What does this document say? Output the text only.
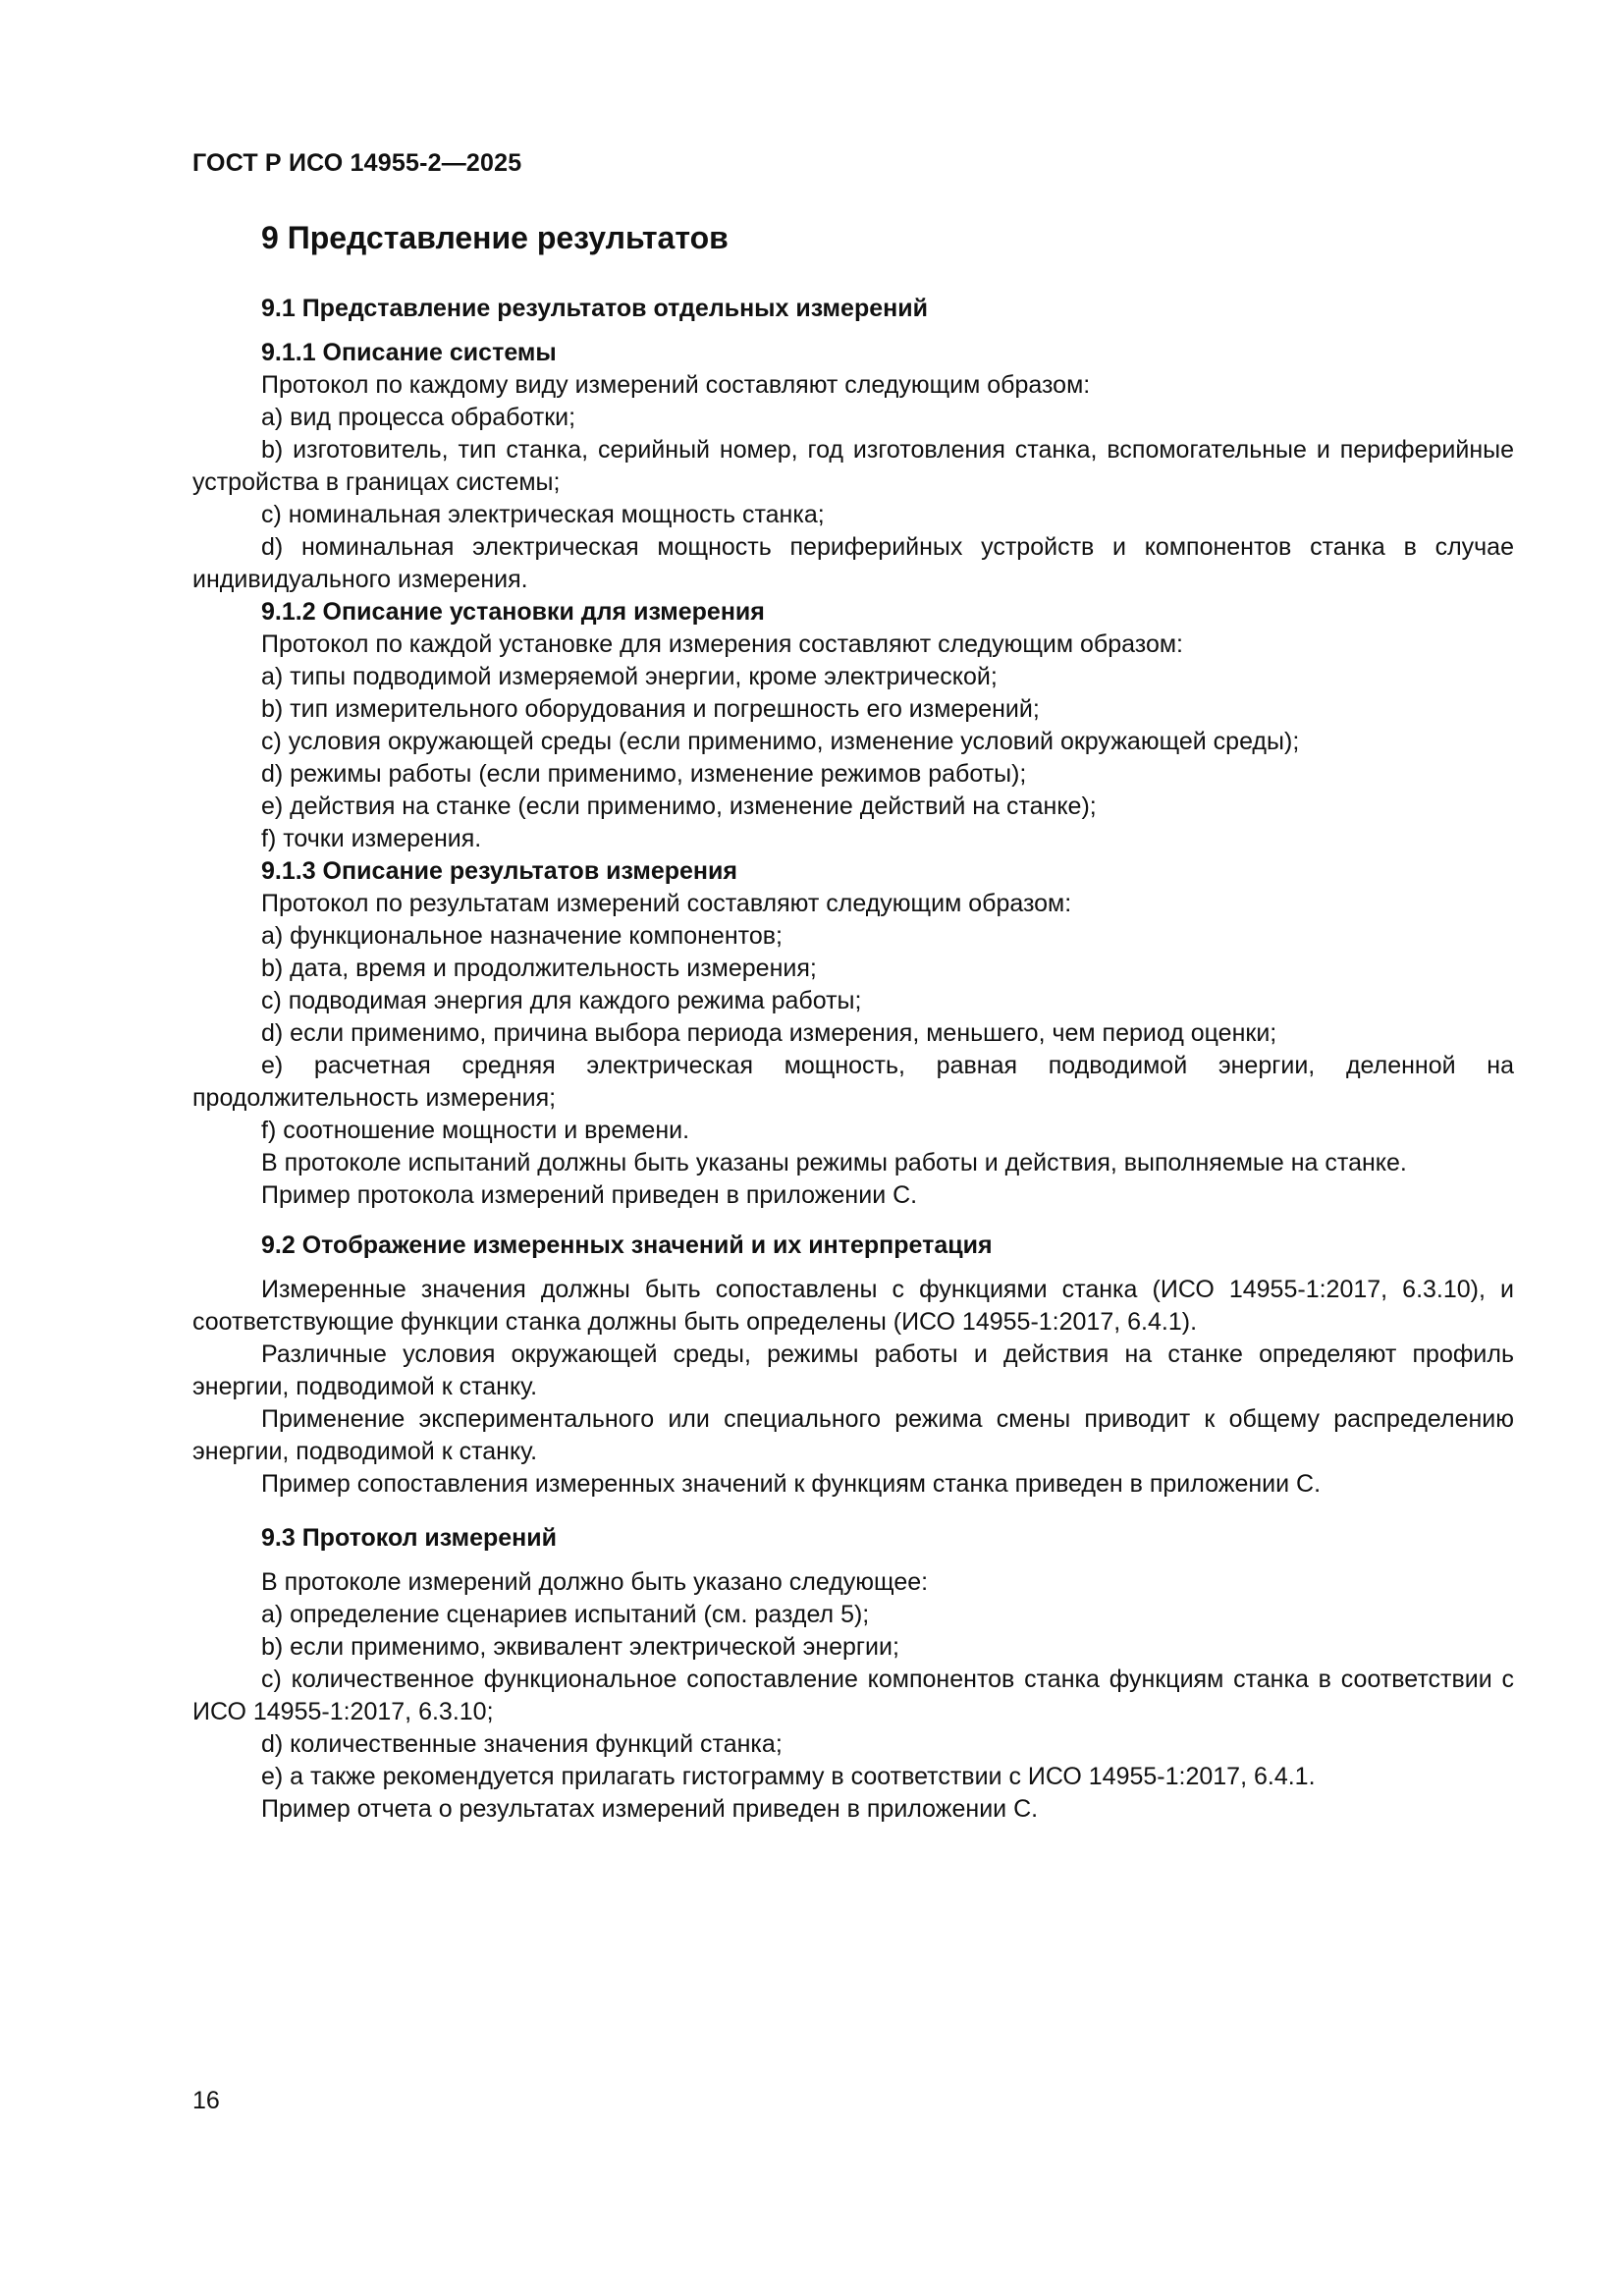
ГОСТ Р ИСО 14955-2—2025
9 Представление результатов
9.1 Представление результатов отдельных измерений
9.1.1 Описание системы

Протокол по каждому виду измерений составляют следующим образом:

а) вид процесса обработки;

b) изготовитель, тип станка, серийный номер, год изготовления станка, вспомогательные и периферийные устройства в границах системы;

c) номинальная электрическая мощность станка;

d) номинальная электрическая мощность периферийных устройств и компонентов станка в случае индивидуального измерения.

9.1.2 Описание установки для измерения

Протокол по каждой установке для измерения составляют следующим образом:

а) типы подводимой измеряемой энергии, кроме электрической;

b) тип измерительного оборудования и погрешность его измерений;

c) условия окружающей среды (если применимо, изменение условий окружающей среды);

d) режимы работы (если применимо, изменение режимов работы);

e) действия на станке (если применимо, изменение действий на станке);

f) точки измерения.

9.1.3 Описание результатов измерения

Протокол по результатам измерений составляют следующим образом:

а) функциональное назначение компонентов;

b) дата, время и продолжительность измерения;

c) подводимая энергия для каждого режима работы;

d) если применимо, причина выбора периода измерения, меньшего, чем период оценки;

e) расчетная средняя электрическая мощность, равная подводимой энергии, деленной на продолжительность измерения;

f) соотношение мощности и времени.

В протоколе испытаний должны быть указаны режимы работы и действия, выполняемые на станке.

Пример протокола измерений приведен в приложении С.

9.2 Отображение измеренных значений и их интерпретация

Измеренные значения должны быть сопоставлены с функциями станка (ИСО 14955-1:2017, 6.3.10), и соответствующие функции станка должны быть определены (ИСО 14955-1:2017, 6.4.1).

Различные условия окружающей среды, режимы работы и действия на станке определяют профиль энергии, подводимой к станку.

Применение экспериментального или специального режима смены приводит к общему распределению энергии, подводимой к станку.

Пример сопоставления измеренных значений к функциям станка приведен в приложении С.

9.3 Протокол измерений

В протоколе измерений должно быть указано следующее:

а) определение сценариев испытаний (см. раздел 5);

b) если применимо, эквивалент электрической энергии;

c) количественное функциональное сопоставление компонентов станка функциям станка в соответствии с ИСО 14955-1:2017, 6.3.10;

d) количественные значения функций станка;

e) а также рекомендуется прилагать гистограмму в соответствии с ИСО 14955-1:2017, 6.4.1.

Пример отчета о результатах измерений приведен в приложении С.

16
